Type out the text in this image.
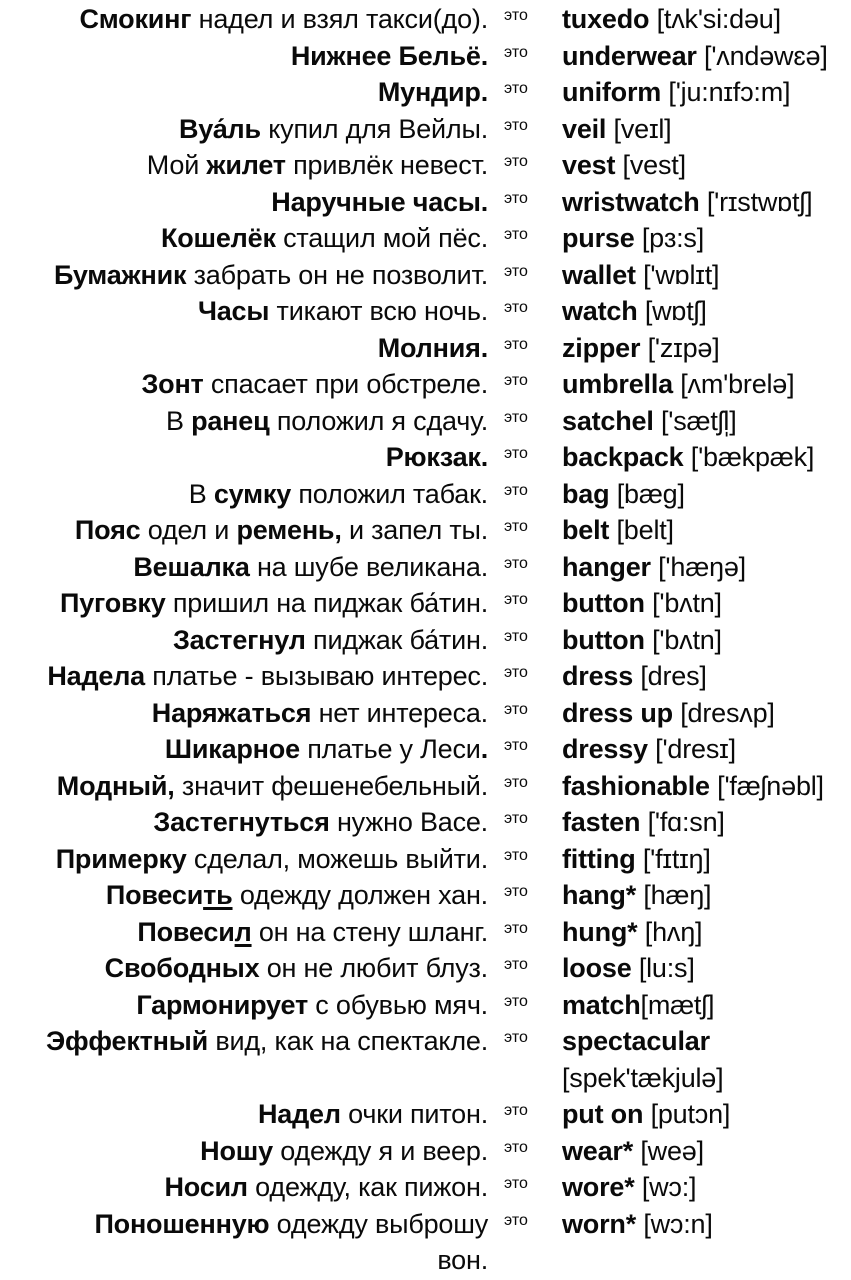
Смокинг надел и взял такси(до).	это	tuxedo [tʌk'si:dəu]
Нижнее Бельё.	это	underwear ['ʌndəwɛə]
Мундир.	это	uniform ['ju:nɪfɔ:m]
Вуа́ль купил для Вейлы.	это	veil [veɪl]
Мой жилет привлёк невест.	это	vest [vest]
Наручные часы.	это	wristwatch ['rɪstwɒtʃ]
Кошелёк стащил мой пёс.	это	purse [pɜ:s]
Бумажник забрать он не позволит.	это	wallet ['wɒlɪt]
Часы тикают всю ночь.	это	watch [wɒtʃ]
Молния.	это	zipper ['zɪpə]
Зонт спасает при обстреле.	это	umbrella [ʌm'brelə]
В ранец положил я сдачу.	это	satchel ['sætʃl̩]
Рюкзак.	это	backpack ['bækpæk]
В сумку положил табак.	это	bag [bæg]
Пояс одел и ремень, и запел ты.	это	belt [belt]
Вешалка на шубе великана.	это	hanger ['hæŋə]
Пуговку пришил на пиджак ба́тин.	это	button ['bʌtn]
Застегнул пиджак ба́тин.	это	button ['bʌtn]
Надела платье - вызываю интерес.	это	dress [dres]
Наряжаться нет интереса.	это	dress up [dresʌp]
Шикарное платье у Леси.	это	dressy ['dresɪ]
Модный, значит фешенебельный.	это	fashionable ['fæʃnəbl]
Застегнуться нужно Васе.	это	fasten ['fɑ:sn]
Примерку сделал, можешь выйти.	это	fitting ['fɪtɪŋ]
Повесить одежду должен хан.	это	hang* [hæŋ]
Повесил он на стену шланг.	это	hung* [hʌŋ]
Свободных он не любит блуз.	это	loose [lu:s]
Гармонирует с обувью мяч.	это	match[mætʃ]
Эффектный вид, как на спектакле.	это	spectacular
[spek'tækjulə]
Надел очки питон.	это	put on [putɔn]
Ношу одежду я и веер.	это	wear* [weə]
Носил одежду, как пижон.	это	wore* [wɔ:]
Поношенную одежду выброшу	это	worn* [wɔ:n]
вон.
